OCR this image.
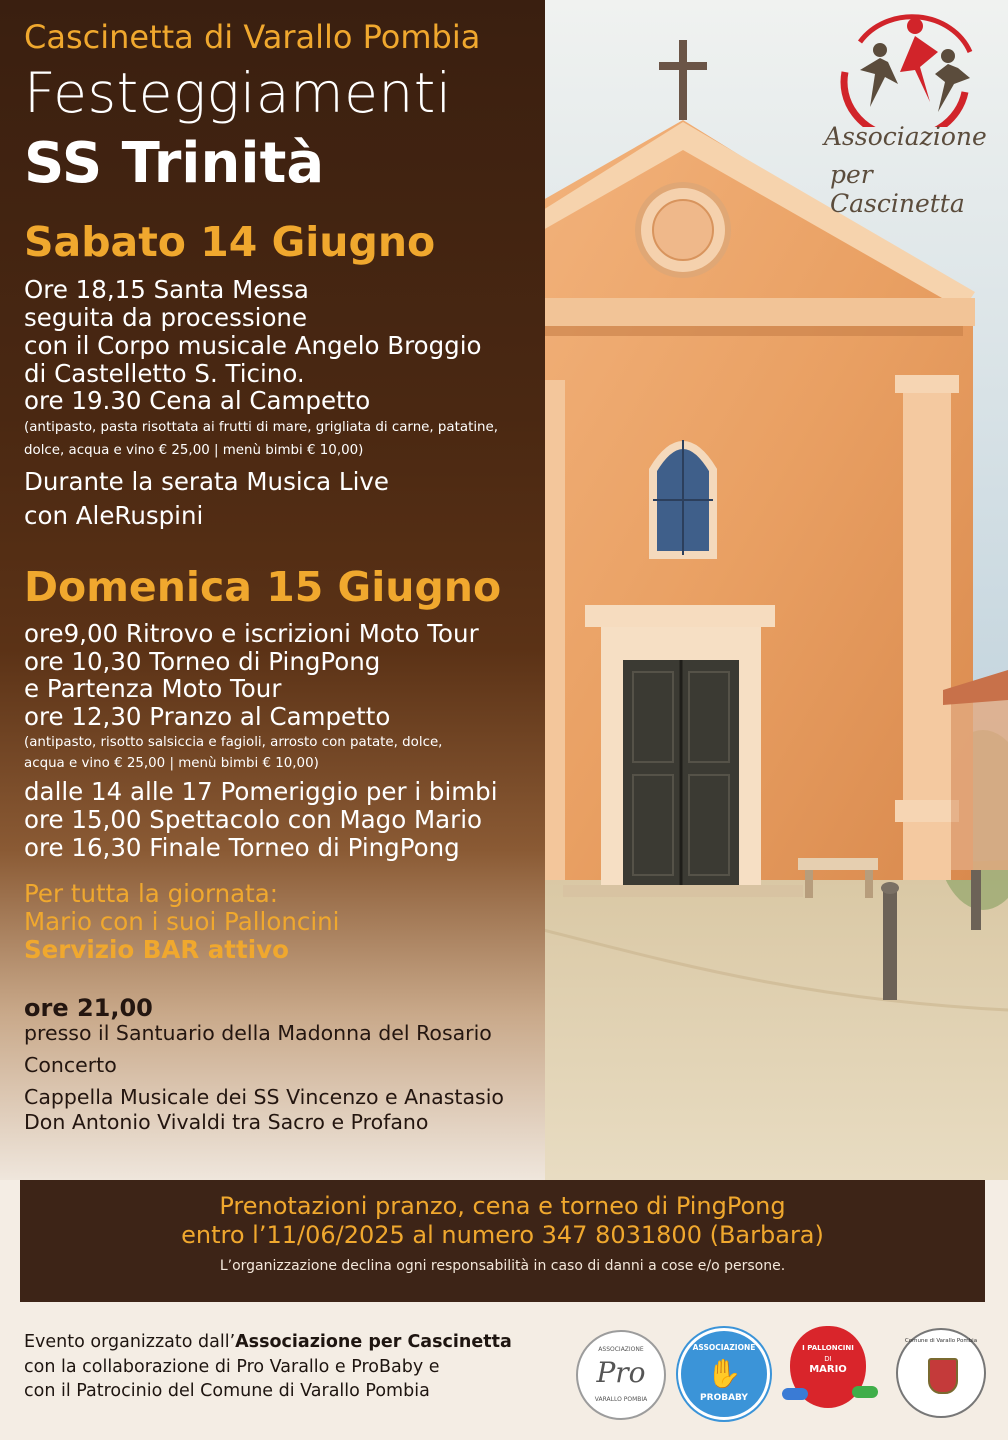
Associazione
per Cascinetta
Cascinetta di Varallo Pombia
Festeggiamenti
SS Trinità
Sabato 14 Giugno
Ore 18,15 Santa Messa
seguita da processione
con il Corpo musicale Angelo Broggio
di Castelletto S. Ticino.
ore 19.30 Cena al Campetto
(antipasto, pasta risottata ai frutti di mare, grigliata di carne, patatine,
dolce, acqua e vino € 25,00 | menù bimbi € 10,00)
Durante la serata Musica Live
con AleRuspini
Domenica 15 Giugno
ore9,00 Ritrovo e iscrizioni Moto Tour
ore 10,30 Torneo di PingPong
e Partenza Moto Tour
ore 12,30 Pranzo al Campetto
(antipasto, risotto salsiccia e fagioli, arrosto con patate, dolce,
acqua e vino € 25,00 | menù bimbi € 10,00)
dalle 14 alle 17 Pomeriggio per i bimbi
ore 15,00 Spettacolo con Mago Mario
ore 16,30 Finale Torneo di PingPong
Per tutta la giornata:
Mario con i suoi Palloncini
Servizio BAR attivo
ore 21,00
presso il Santuario della Madonna del Rosario
Concerto
Cappella Musicale dei SS Vincenzo e Anastasio
Don Antonio Vivaldi tra Sacro e Profano
Prenotazioni pranzo, cena e torneo di PingPong
entro l’11/06/2025 al numero 347 8031800 (Barbara)
L’organizzazione declina ogni responsabilità in caso di danni a cose e/o persone.
Evento organizzato dall’Associazione per Cascinetta
con la collaborazione di Pro Varallo e ProBaby e
con il Patrocinio del Comune di Varallo Pombia
ASSOCIAZIONE
Pro
VARALLO POMBIA
ASSOCIAZIONE
✋
PROBABY
I PALLONCINI
DI
MARIO
Comune di Varallo Pombia
